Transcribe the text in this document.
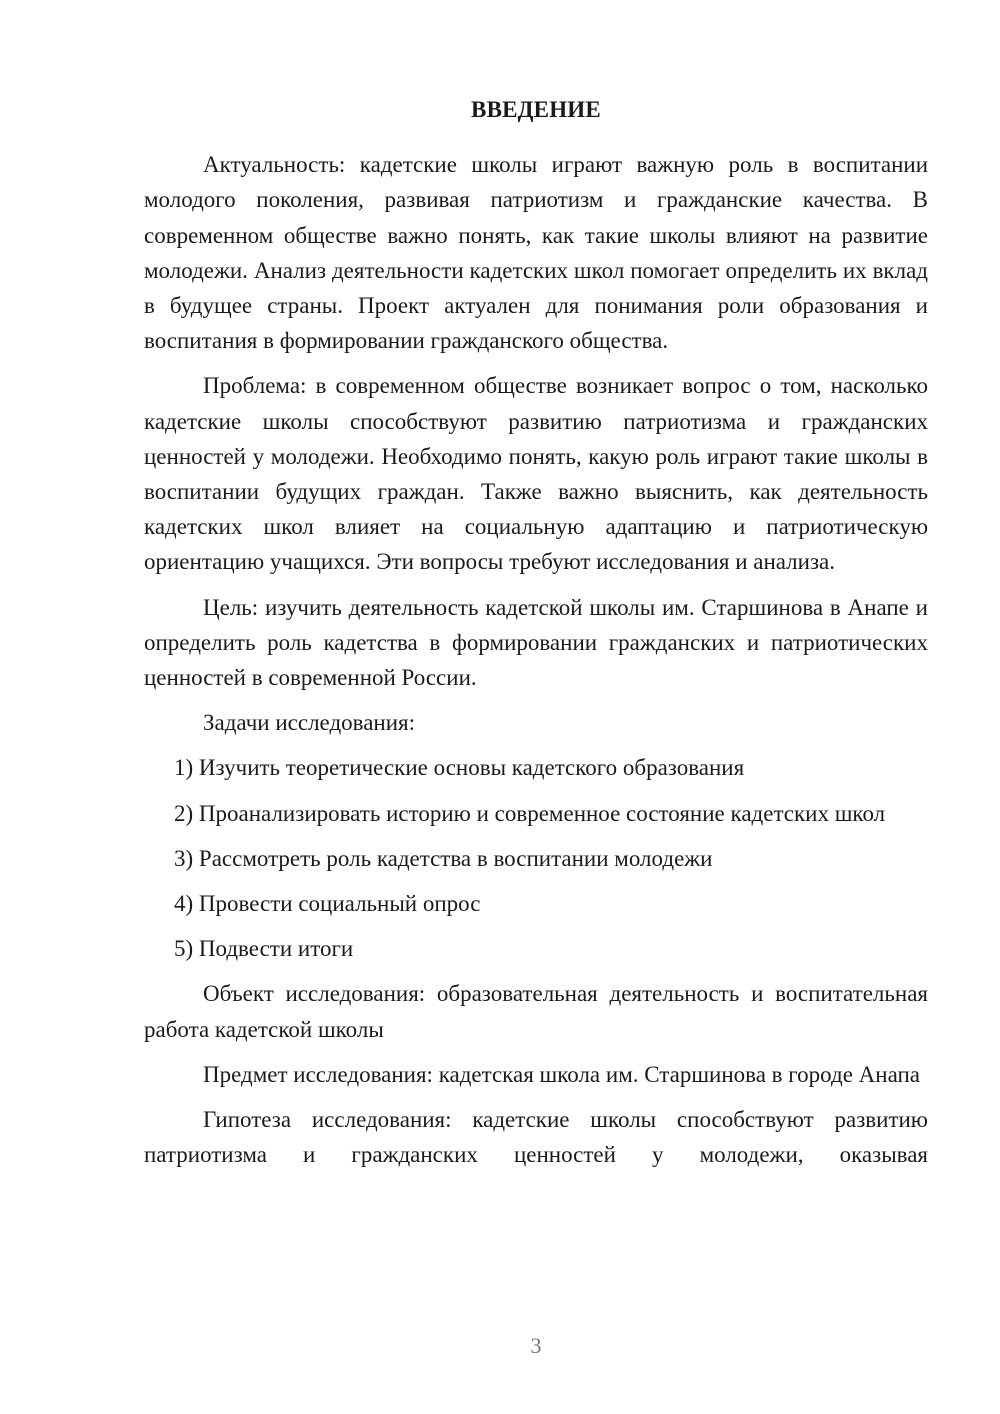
ВВЕДЕНИЕ

Актуальность: кадетские школы играют важную роль в воспитании молодого поколения, развивая патриотизм и гражданские качества. В современном обществе важно понять, как такие школы влияют на развитие молодежи. Анализ деятельности кадетских школ помогает определить их вклад в будущее страны. Проект актуален для понимания роли образования и воспитания в формировании гражданского общества.

Проблема: в современном обществе возникает вопрос о том, насколько кадетские школы способствуют развитию патриотизма и гражданских ценностей у молодежи. Необходимо понять, какую роль играют такие школы в воспитании будущих граждан. Также важно выяснить, как деятельность кадетских школ влияет на социальную адаптацию и патриотическую ориентацию учащихся. Эти вопросы требуют исследования и анализа.

Цель: изучить деятельность кадетской школы им. Старшинова в Анапе и определить роль кадетства в формировании гражданских и патриотических ценностей в современной России.

Задачи исследования:

1) Изучить теоретические основы кадетского образования

2) Проанализировать историю и современное состояние кадетских школ

3) Рассмотреть роль кадетства в воспитании молодежи

4) Провести социальный опрос

5) Подвести итоги

Объект исследования: образовательная деятельность и воспитательная работа кадетской школы

Предмет исследования: кадетская школа им. Старшинова в городе Анапа

Гипотеза исследования: кадетские школы способствуют развитию патриотизма и гражданских ценностей у молодежи, оказывая

3
